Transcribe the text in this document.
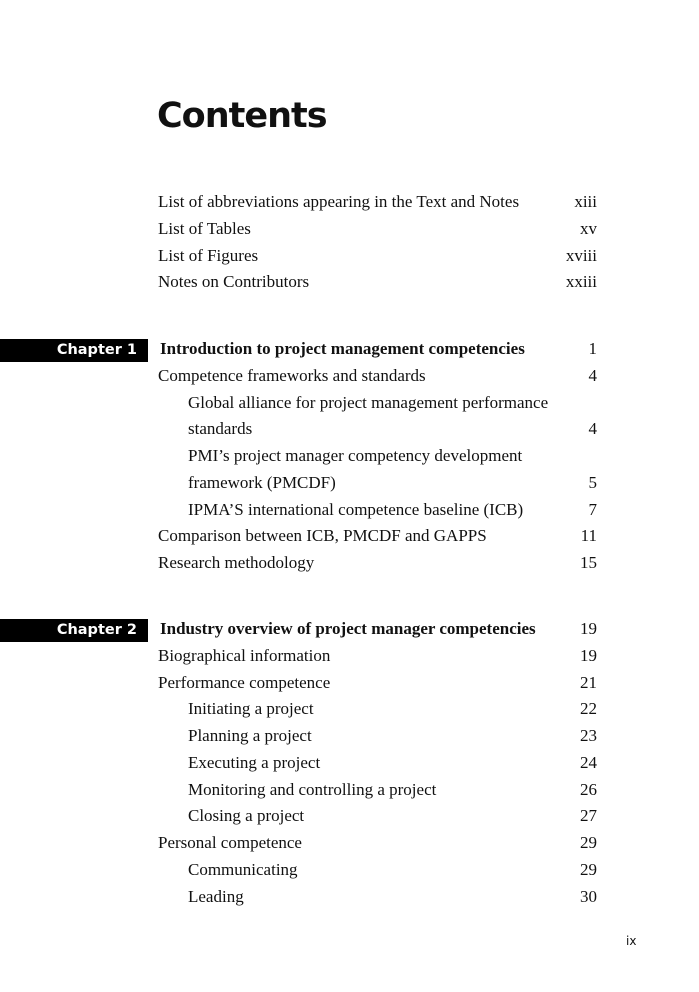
Contents
List of abbreviations appearing in the Text and Notes	xiii
List of Tables	xv
List of Figures	xviii
Notes on Contributors	xxiii
Chapter 1	Introduction to project management competencies	1
Competence frameworks and standards	4
Global alliance for project management performance
standards	4
PMI’s project manager competency development
framework (PMCDF)	5
IPMA’S international competence baseline (ICB)	7
Comparison between ICB, PMCDF and GAPPS	11
Research methodology	15
Chapter 2	Industry overview of project manager competencies	19
Biographical information	19
Performance competence	21
Initiating a project	22
Planning a project	23
Executing a project	24
Monitoring and controlling a project	26
Closing a project	27
Personal competence	29
Communicating	29
Leading	30
ix
